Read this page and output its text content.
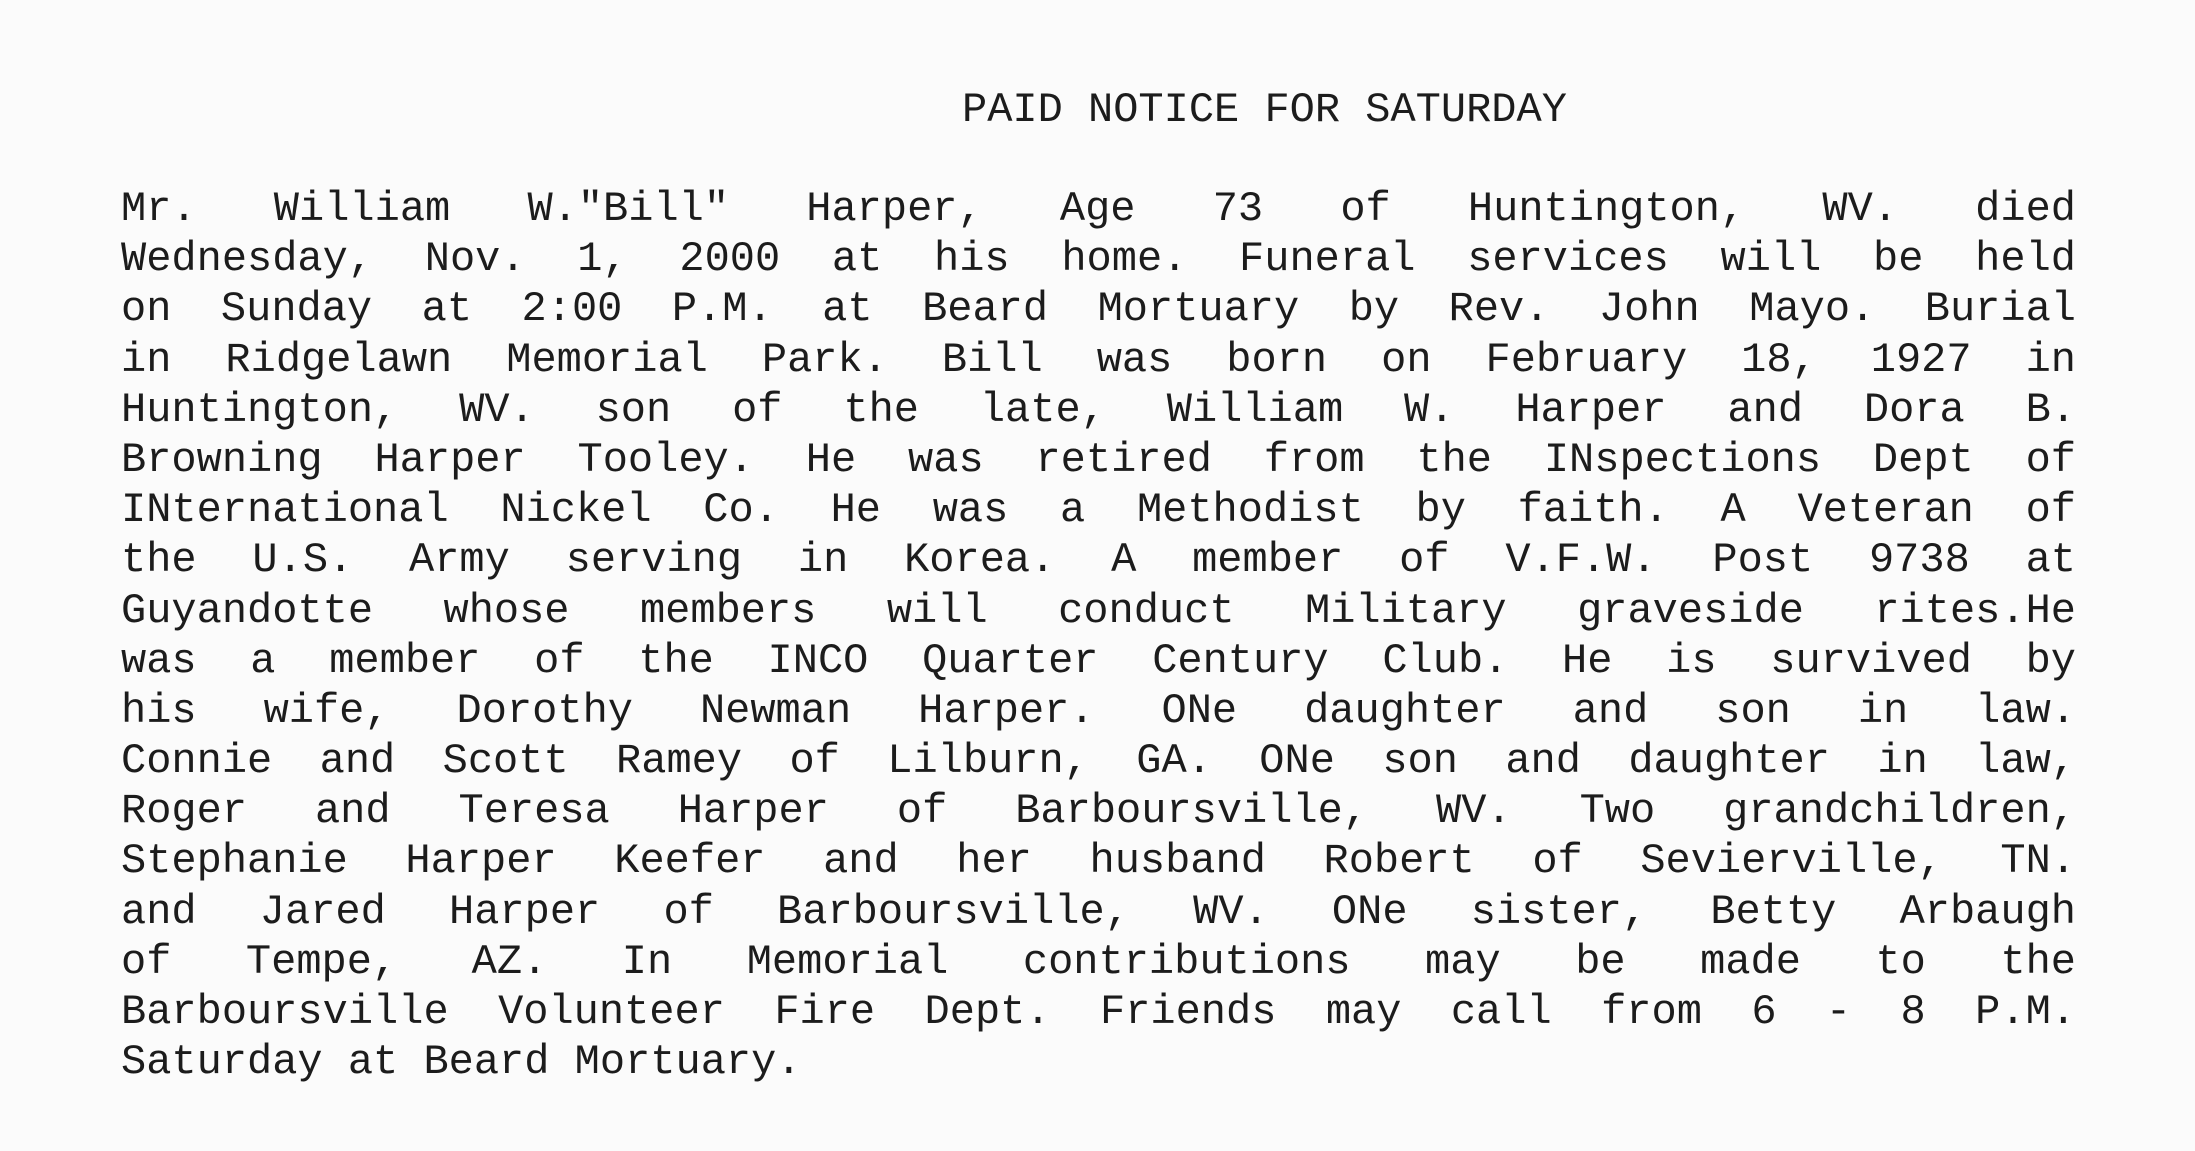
PAID NOTICE FOR SATURDAY
Mr. William W."Bill" Harper, Age 73 of Huntington, WV. died
Wednesday, Nov. 1, 2000 at his home. Funeral services will be held
on Sunday at 2:00 P.M. at Beard Mortuary by Rev. John Mayo. Burial
in Ridgelawn Memorial Park. Bill was born on February 18, 1927 in
Huntington, WV. son of the late, William W. Harper and Dora B.
Browning Harper Tooley. He was retired from the INspections Dept of
INternational Nickel Co. He was a Methodist by faith. A Veteran of
the U.S. Army serving in Korea. A member of V.F.W. Post 9738 at
Guyandotte whose members will conduct Military graveside rites.He
was a member of the INCO Quarter Century Club. He is survived by
his wife, Dorothy Newman Harper. ONe daughter and son in law.
Connie and Scott Ramey of Lilburn, GA. ONe son and daughter in law,
Roger and Teresa Harper of Barboursville, WV. Two grandchildren,
Stephanie Harper Keefer and her husband Robert of Sevierville, TN.
and Jared Harper of Barboursville, WV. ONe sister, Betty Arbaugh
of Tempe, AZ. In Memorial contributions may be made to the
Barboursville Volunteer Fire Dept. Friends may call from 6 - 8 P.M.
Saturday at Beard Mortuary.
